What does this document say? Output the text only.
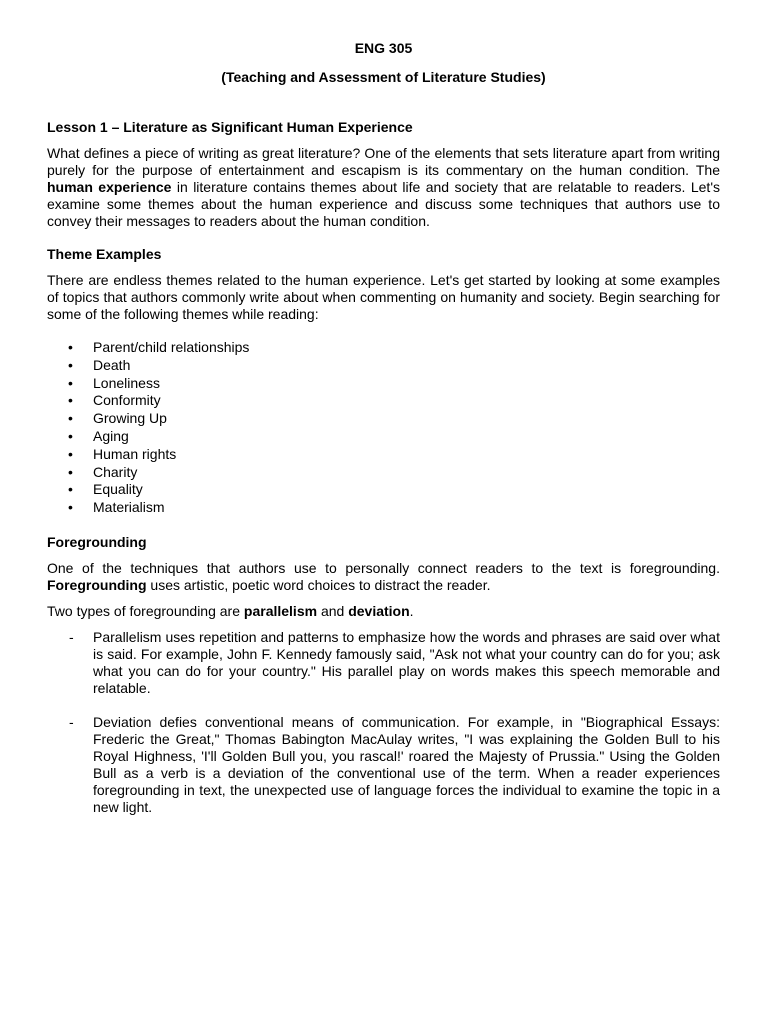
ENG 305
(Teaching and Assessment of Literature Studies)
Lesson 1 – Literature as Significant Human Experience

What defines a piece of writing as great literature? One of the elements that sets literature apart from writing purely for the purpose of entertainment and escapism is its commentary on the human condition. The human experience in literature contains themes about life and society that are relatable to readers. Let's examine some themes about the human experience and discuss some techniques that authors use to convey their messages to readers about the human condition.

Theme Examples

There are endless themes related to the human experience. Let's get started by looking at some examples of topics that authors commonly write about when commenting on humanity and society. Begin searching for some of the following themes while reading:

• Parent/child relationships
• Death
• Loneliness
• Conformity
• Growing Up
• Aging
• Human rights
• Charity
• Equality
• Materialism
Foregrounding

One of the techniques that authors use to personally connect readers to the text is foregrounding. Foregrounding uses artistic, poetic word choices to distract the reader.

Two types of foregrounding are parallelism and deviation.

- Parallelism uses repetition and patterns to emphasize how the words and phrases are said over what is said. For example, John F. Kennedy famously said, "Ask not what your country can do for you; ask what you can do for your country." His parallel play on words makes this speech memorable and relatable.
- Deviation defies conventional means of communication. For example, in "Biographical Essays: Frederic the Great," Thomas Babington MacAulay writes, "I was explaining the Golden Bull to his Royal Highness, 'I'll Golden Bull you, you rascal!' roared the Majesty of Prussia." Using the Golden Bull as a verb is a deviation of the conventional use of the term. When a reader experiences foregrounding in text, the unexpected use of language forces the individual to examine the topic in a new light.
